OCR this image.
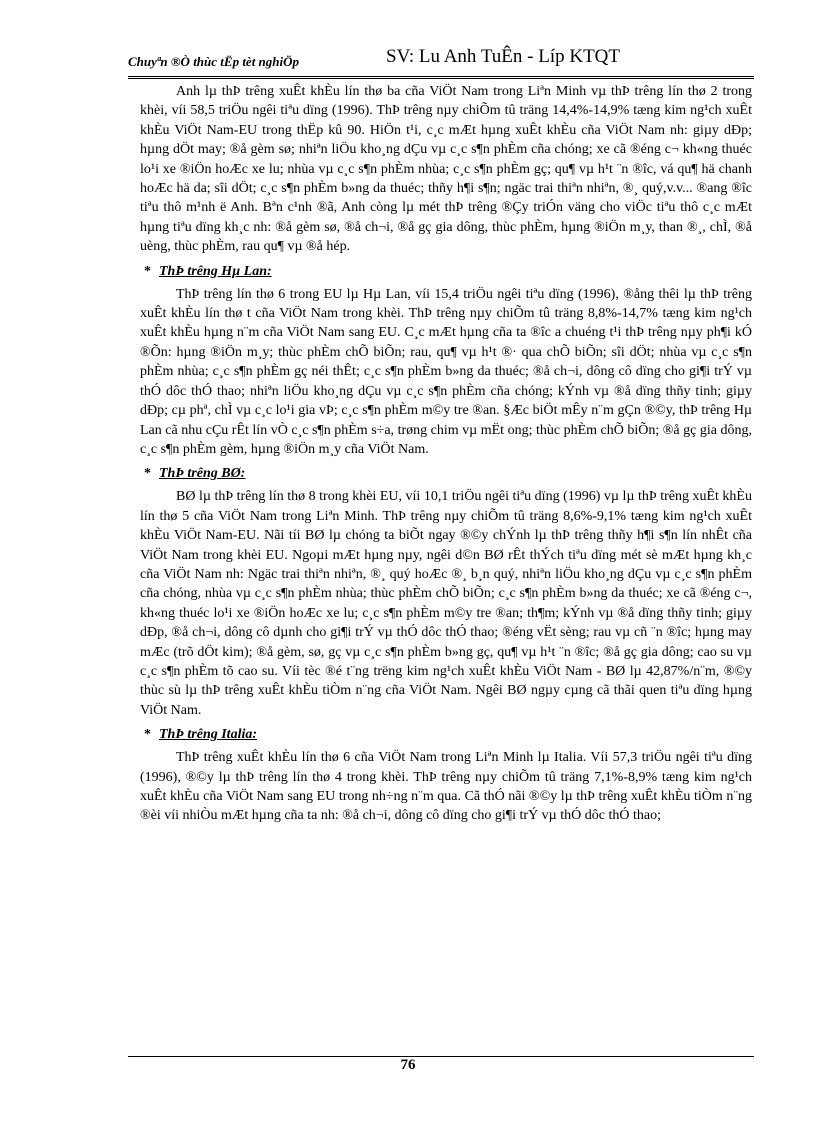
Chuyªn ®Ò thùc tËp tèt nghiÖp	SV: Lu Anh TuÊn - Líp KTQT

Anh lµ thÞ trêng xuÊt khÈu lín thø ba cña ViÖt Nam trong Liªn Minh vµ thÞ trêng lín thø 2 trong khèi, víi 58,5 triÖu ngêi tiªu dïng (1996). ThÞ trêng nµy chiÕm tû träng 14,4%-14,9% tæng kim ng¹ch xuÊt khÈu ViÖt Nam-EU trong thËp kû 90. HiÖn t¹i, c¸c mÆt hµng xuÊt khÈu cña ViÖt Nam nh: giµy dÐp; hµng dÖt may; ®å gèm sø; nhiªn liÖu kho¸ng dÇu vµ c¸c s¶n phÈm cña chóng; xe cã ®éng c¬ kh«ng thuéc lo¹i xe ®iÖn hoÆc xe lu; nhùa vµ c¸c s¶n phÈm nhùa; c¸c s¶n phÈm gç; qu¶ vµ h¹t ¨n ®îc, vá qu¶ hä chanh hoÆc hä da; sîi dÖt; c¸c s¶n phÈm b»ng da thuéc; thñy h¶i s¶n; ngäc trai thiªn nhiªn, ®¸ quý,v.v... ®ang ®îc tiªu thô m¹nh ë Anh. Bªn c¹nh ®ã, Anh còng lµ mét thÞ trêng ®Çy triÓn väng cho viÖc tiªu thô c¸c mÆt hµng tiªu dïng kh¸c nh: ®å gèm sø, ®å ch¬i, ®å gç gia dông, thùc phÈm, hµng ®iÖn m¸y, than ®¸, chÌ, ®å uèng, thùc phÈm, rau qu¶ vµ ®å hép.

* ThÞ trêng Hµ Lan:

ThÞ trêng lín thø 6 trong EU lµ Hµ Lan, víi 15,4 triÖu ngêi tiªu dïng (1996), ®ång thêi lµ thÞ trêng xuÊt khÈu lín thø t cña ViÖt Nam trong khèi. ThÞ trêng nµy chiÕm tû träng 8,8%-14,7% tæng kim ng¹ch xuÊt khÈu hµng n¨m cña ViÖt Nam sang EU. C¸c mÆt hµng cña ta ®îc a chuéng t¹i thÞ trêng nµy ph¶i kÓ ®Õn: hµng ®iÖn m¸y; thùc phÈm chÕ biÕn; rau, qu¶ vµ h¹t ®· qua chÕ biÕn; sîi dÖt; nhùa vµ c¸c s¶n phÈm nhùa; c¸c s¶n phÈm gç néi thÊt; c¸c s¶n phÈm b»ng da thuéc; ®å ch¬i, dông cô dïng cho gi¶i trÝ vµ thÓ dôc thÓ thao; nhiªn liÖu kho¸ng dÇu vµ c¸c s¶n phÈm cña chóng; kÝnh vµ ®å dïng thñy tinh; giµy dÐp; cµ phª, chÌ vµ c¸c lo¹i gia vÞ; c¸c s¶n phÈm m©y tre ®an. §Æc biÖt mÊy n¨m gÇn ®©y, thÞ trêng Hµ Lan cã nhu cÇu rÊt lín vÒ c¸c s¶n phÈm s÷a, trøng chim vµ mËt ong; thùc phÈm chÕ biÕn; ®å gç gia dông, c¸c s¶n phÈm gèm, hµng ®iÖn m¸y cña ViÖt Nam.

* ThÞ trêng BØ:

BØ lµ thÞ trêng lín thø 8 trong khèi EU, víi 10,1 triÖu ngêi tiªu dïng (1996) vµ lµ thÞ trêng xuÊt khÈu lín thø 5 cña ViÖt Nam trong Liªn Minh. ThÞ trêng nµy chiÕm tû träng 8,6%-9,1% tæng kim ng¹ch xuÊt khÈu ViÖt Nam-EU. Nãi tíi BØ lµ chóng ta biÕt ngay ®©y chÝnh lµ thÞ trêng thñy h¶i s¶n lín nhÊt cña ViÖt Nam trong khèi EU. Ngoµi mÆt hµng nµy, ngêi d©n BØ rÊt thÝch tiªu dïng mét sè mÆt hµng kh¸c cña ViÖt Nam nh: Ngäc trai thiªn nhiªn, ®¸ quý hoÆc ®¸ b¸n quý, nhiªn liÖu kho¸ng dÇu vµ c¸c s¶n phÈm cña chóng, nhùa vµ c¸c s¶n phÈm nhùa; thùc phÈm chÕ biÕn; c¸c s¶n phÈm b»ng da thuéc; xe cã ®éng c¬, kh«ng thuéc lo¹i xe ®iÖn hoÆc xe lu; c¸c s¶n phÈm m©y tre ®an; th¶m; kÝnh vµ ®å dïng thñy tinh; giµy dÐp, ®å ch¬i, dông cô dµnh cho gi¶i trÝ vµ thÓ dôc thÓ thao; ®éng vËt sèng; rau vµ cñ ¨n ®îc; hµng may mÆc (trõ dÖt kim); ®å gèm, sø, gç vµ c¸c s¶n phÈm b»ng gç, qu¶ vµ h¹t ¨n ®îc; ®å gç gia dông; cao su vµ c¸c s¶n phÈm tõ cao su. Víi tèc ®é t¨ng trëng kim ng¹ch xuÊt khÈu ViÖt Nam - BØ lµ 42,87%/n¨m, ®©y thùc sù lµ thÞ trêng xuÊt khÈu tiÒm n¨ng cña ViÖt Nam. Ngêi BØ ngµy cµng cã thãi quen tiªu dïng hµng ViÖt Nam.

* ThÞ trêng Italia:

ThÞ trêng xuÊt khÈu lín thø 6 cña ViÖt Nam trong Liªn Minh lµ Italia. Víi 57,3 triÖu ngêi tiªu dïng (1996), ®©y lµ thÞ trêng lín thø 4 trong khèi. ThÞ trêng nµy chiÕm tû träng 7,1%-8,9% tæng kim ng¹ch xuÊt khÈu cña ViÖt Nam sang EU trong nh÷ng n¨m qua. Cã thÓ nãi ®©y lµ thÞ trêng xuÊt khÈu tiÒm n¨ng ®èi víi nhiÒu mÆt hµng cña ta nh: ®å ch¬i, dông cô dïng cho gi¶i trÝ vµ thÓ dôc thÓ thao;

76
